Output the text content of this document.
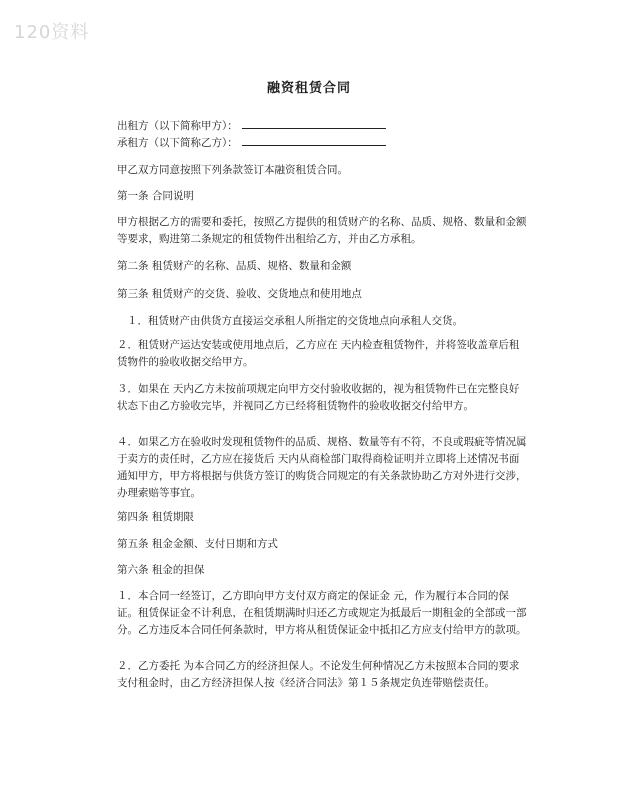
120资料
融资租赁合同
出租方（以下简称甲方）：
承租方（以下简称乙方）：
甲乙双方同意按照下列条款签订本融资租赁合同。
第一条 合同说明
甲方根据乙方的需要和委托，按照乙方提供的租赁财产的名称、品质、规格、数量和金额等要求，购进第二条规定的租赁物件出租给乙方，并由乙方承租。
第二条 租赁财产的名称、品质、规格、数量和金额
第三条 租赁财产的交货、验收、交货地点和使用地点
１．租赁财产由供货方直接运交承租人所指定的交货地点向承租人交货。
２．租赁财产运达安装或使用地点后，乙方应在 天内检查租赁物件，并将签收盖章后租赁物件的验收收据交给甲方。
３．如果在 天内乙方未按前项规定向甲方交付验收收据的，视为租赁物件已在完整良好状态下由乙方验收完毕，并视同乙方已经将租赁物件的验收收据交付给甲方。
４．如果乙方在验收时发现租赁物件的品质、规格、数量等有不符，不良或瑕疵等情况属于卖方的责任时，乙方应在接货后 天内从商检部门取得商检证明并立即将上述情况书面通知甲方，甲方将根据与供货方签订的购货合同规定的有关条款协助乙方对外进行交涉，办理索赔等事宜。
第四条 租赁期限
第五条 租金金额、支付日期和方式
第六条 租金的担保
１．本合同一经签订，乙方即向甲方支付双方商定的保证金 元，作为履行本合同的保证。租赁保证金不计利息，在租赁期满时归还乙方或规定为抵最后一期租金的全部或一部分。乙方违反本合同任何条款时，甲方将从租赁保证金中抵扣乙方应支付给甲方的款项。
２．乙方委托 为本合同乙方的经济担保人。不论发生何种情况乙方未按照本合同的要求支付租金时，由乙方经济担保人按《经济合同法》第１５条规定负连带赔偿责任。
